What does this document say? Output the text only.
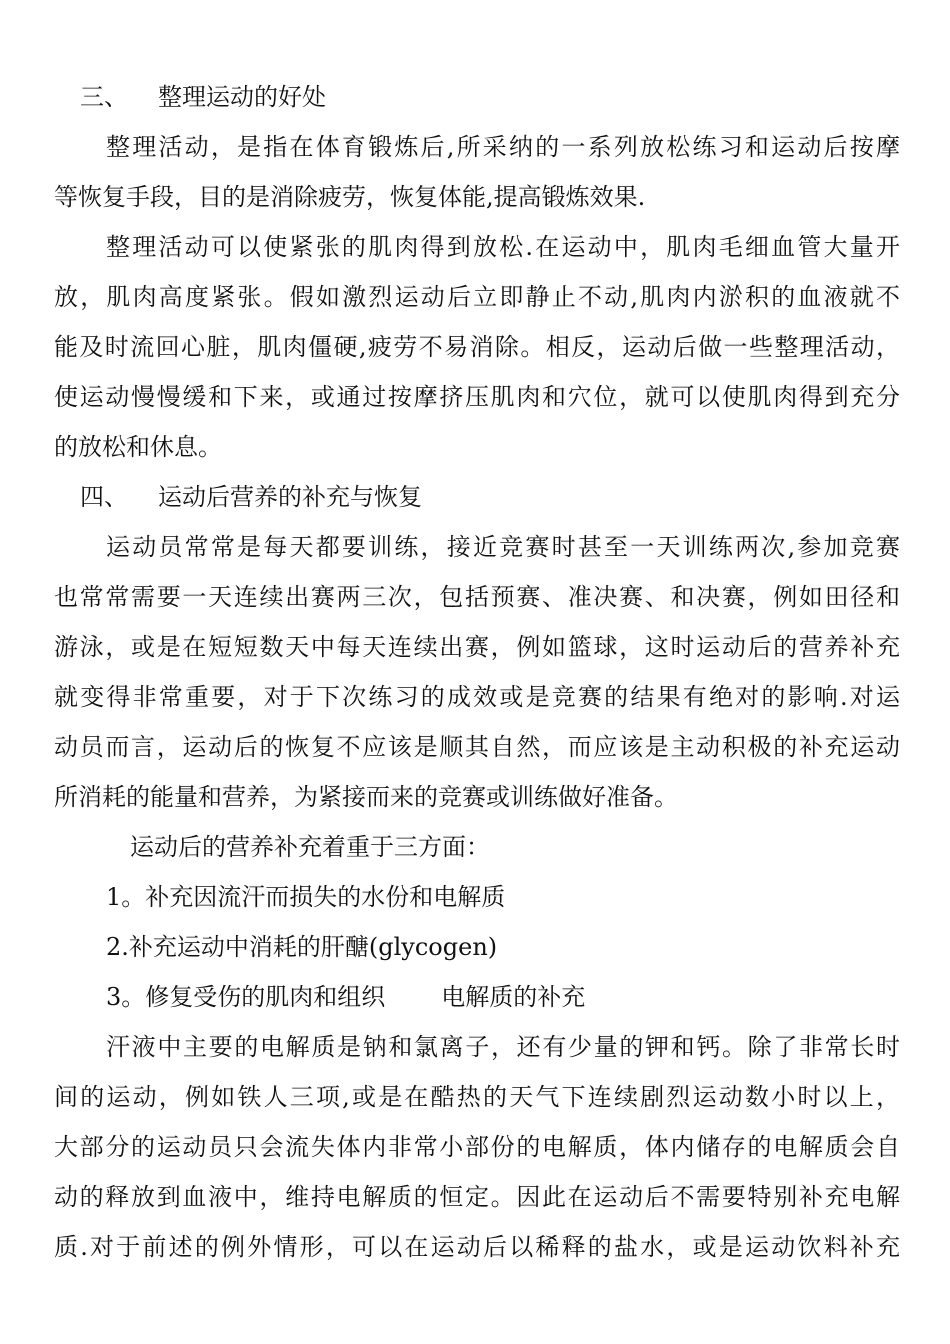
三、 整理运动的好处
整理活动，是指在体育锻炼后,所采纳的一系列放松练习和运动后按摩
等恢复手段，目的是消除疲劳，恢复体能,提高锻炼效果.
整理活动可以使紧张的肌肉得到放松.在运动中，肌肉毛细血管大量开
放，肌肉高度紧张。假如激烈运动后立即静止不动,肌肉内淤积的血液就不
能及时流回心脏，肌肉僵硬,疲劳不易消除。相反，运动后做一些整理活动，
使运动慢慢缓和下来，或通过按摩挤压肌肉和穴位，就可以使肌肉得到充分
的放松和休息。
四、 运动后营养的补充与恢复
运动员常常是每天都要训练，接近竞赛时甚至一天训练两次,参加竞赛
也常常需要一天连续出赛两三次，包括预赛、准决赛、和决赛，例如田径和
游泳，或是在短短数天中每天连续出赛，例如篮球，这时运动后的营养补充
就变得非常重要，对于下次练习的成效或是竞赛的结果有绝对的影响.对运
动员而言，运动后的恢复不应该是顺其自然，而应该是主动积极的补充运动
所消耗的能量和营养，为紧接而来的竞赛或训练做好准备。
运动后的营养补充着重于三方面：
1。补充因流汗而损失的水份和电解质
2.补充运动中消耗的肝醣(glycogen)
3。修复受伤的肌肉和组织 电解质的补充
汗液中主要的电解质是钠和氯离子，还有少量的钾和钙。除了非常长时
间的运动，例如铁人三项,或是在酷热的天气下连续剧烈运动数小时以上，
大部分的运动员只会流失体内非常小部份的电解质，体内储存的电解质会自
动的释放到血液中，维持电解质的恒定。因此在运动后不需要特别补充电解
质.对于前述的例外情形，可以在运动后以稀释的盐水，或是运动饮料补充
